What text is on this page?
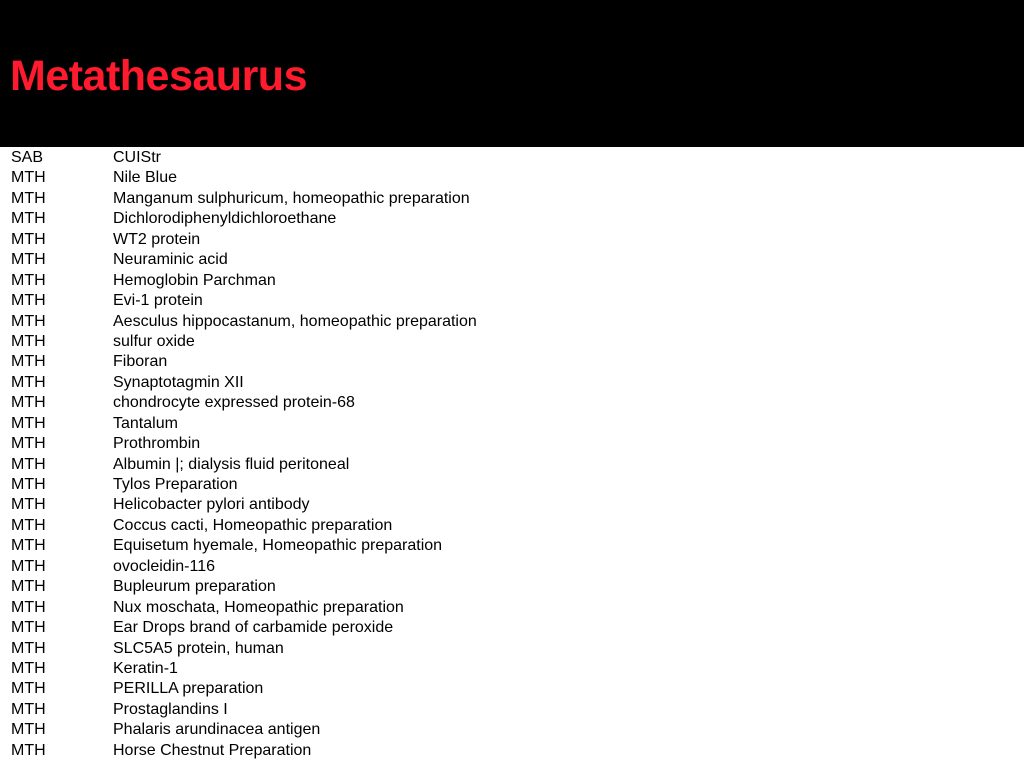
Metathesaurus
SAB	CUIStr
MTH	Nile Blue
MTH	Manganum sulphuricum, homeopathic preparation
MTH	Dichlorodiphenyldichloroethane
MTH	WT2 protein
MTH	Neuraminic acid
MTH	Hemoglobin Parchman
MTH	Evi-1 protein
MTH	Aesculus hippocastanum, homeopathic preparation
MTH	sulfur oxide
MTH	Fiboran
MTH	Synaptotagmin XII
MTH	chondrocyte expressed protein-68
MTH	Tantalum
MTH	Prothrombin
MTH	Albumin |; dialysis fluid peritoneal
MTH	Tylos Preparation
MTH	Helicobacter pylori antibody
MTH	Coccus cacti, Homeopathic preparation
MTH	Equisetum hyemale, Homeopathic preparation
MTH	ovocleidin-116
MTH	Bupleurum preparation
MTH	Nux moschata, Homeopathic preparation
MTH	Ear Drops brand of carbamide peroxide
MTH	SLC5A5 protein, human
MTH	Keratin-1
MTH	PERILLA preparation
MTH	Prostaglandins I
MTH	Phalaris arundinacea antigen
MTH	Horse Chestnut Preparation
